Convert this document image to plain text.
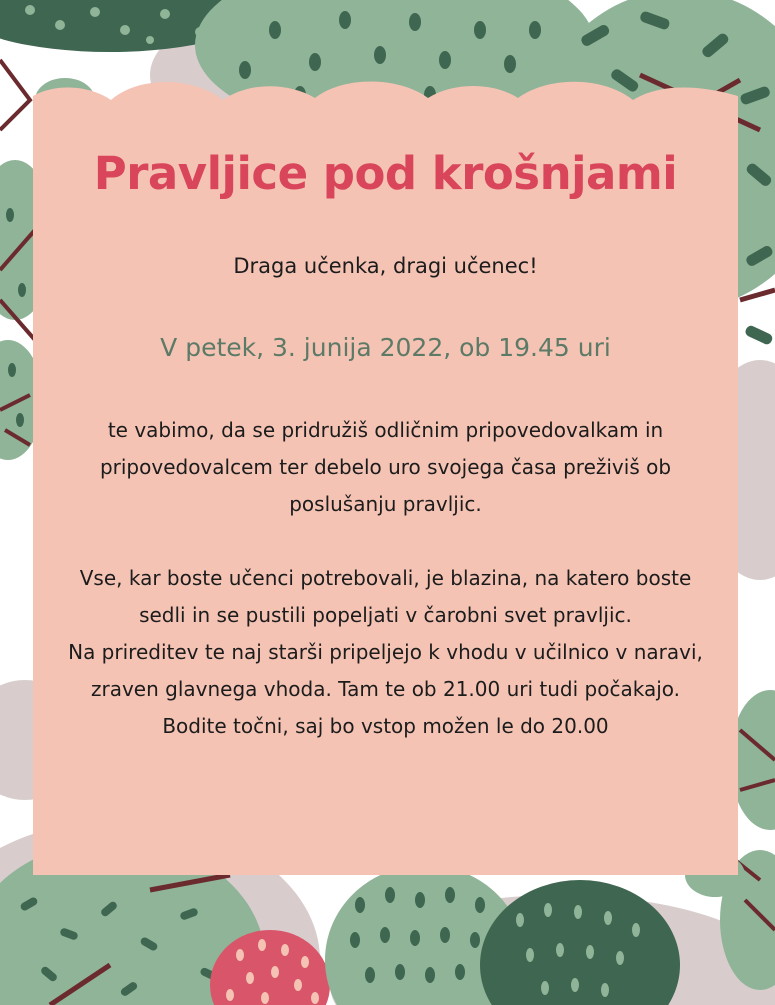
Pravljice pod krošnjami
Draga učenka, dragi učenec!
V petek, 3. junija 2022, ob 19.45 uri

te vabimo, da se pridružiš odličnim pripovedovalkam in pripovedovalcem ter debelo uro svojega časa preživiš ob poslušanju pravljic.

Vse, kar boste učenci potrebovali, je blazina, na katero boste sedli in se pustili popeljati v čarobni svet pravljic.

Na prireditev te naj starši pripeljejo k vhodu v učilnico v naravi, zraven glavnega vhoda. Tam te ob 21.00 uri tudi počakajo.

Bodite točni, saj bo vstop možen le do 20.00
